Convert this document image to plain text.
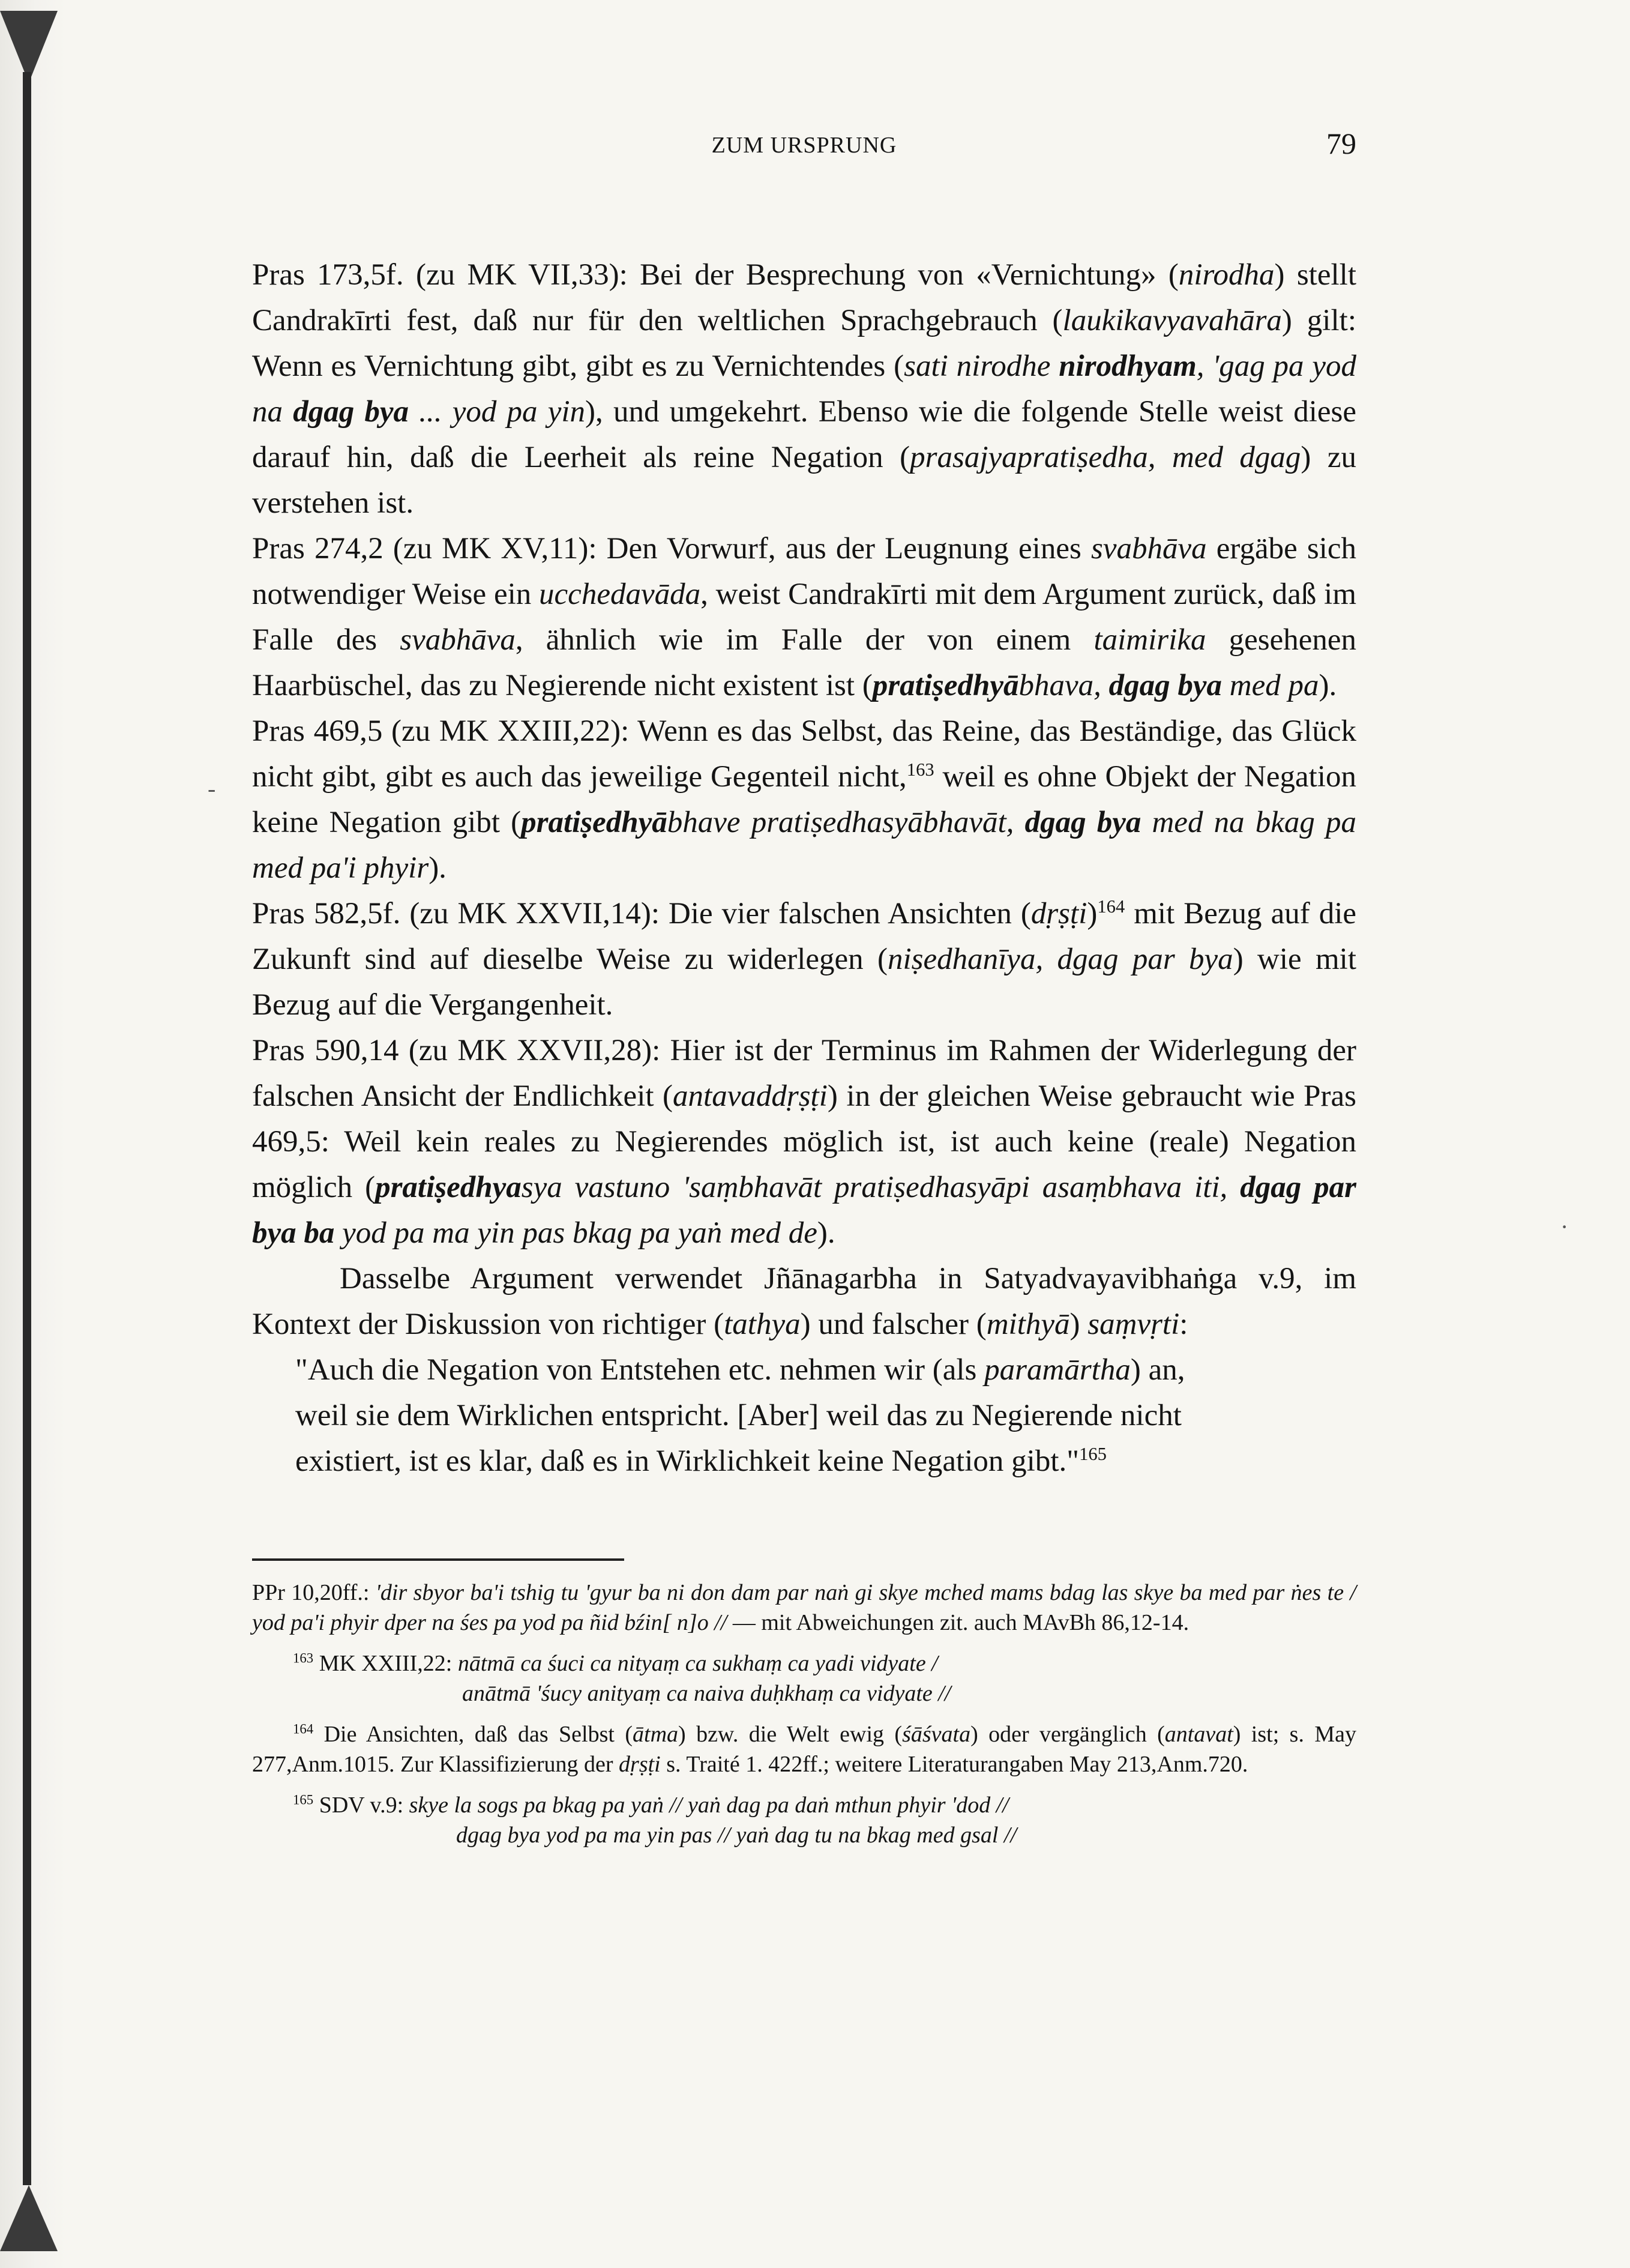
ZUM URSPRUNG	79

Pras 173,5f. (zu MK VII,33): Bei der Besprechung von «Vernichtung» (nirodha) stellt Candrakīrti fest, daß nur für den weltlichen Sprachgebrauch (laukikavyavahāra) gilt: Wenn es Vernichtung gibt, gibt es zu Vernichtendes (sati nirodhe nirodhyam, 'gag pa yod na dgag bya ... yod pa yin), und umgekehrt. Ebenso wie die folgende Stelle weist diese darauf hin, daß die Leerheit als reine Negation (prasajyapratiṣedha, med dgag) zu verstehen ist.

Pras 274,2 (zu MK XV,11): Den Vorwurf, aus der Leugnung eines svabhāva ergäbe sich notwendiger Weise ein ucchedavāda, weist Candrakīrti mit dem Argument zurück, daß im Falle des svabhāva, ähnlich wie im Falle der von einem taimirika gesehenen Haarbüschel, das zu Negierende nicht existent ist (pratiṣedhyābhava, dgag bya med pa).

Pras 469,5 (zu MK XXIII,22): Wenn es das Selbst, das Reine, das Beständige, das Glück nicht gibt, gibt es auch das jeweilige Gegenteil nicht,$^{163}$ weil es ohne Objekt der Negation keine Negation gibt (pratiṣedhyābhave pratiṣedhasyābhavāt, dgag bya med na bkag pa med pa'i phyir).

Pras 582,5f. (zu MK XXVII,14): Die vier falschen Ansichten (dṛṣṭi)$^{164}$ mit Bezug auf die Zukunft sind auf dieselbe Weise zu widerlegen (niṣedhanīya, dgag par bya) wie mit Bezug auf die Vergangenheit.

Pras 590,14 (zu MK XXVII,28): Hier ist der Terminus im Rahmen der Widerlegung der falschen Ansicht der Endlichkeit (antavaddṛṣṭi) in der gleichen Weise gebraucht wie Pras 469,5: Weil kein reales zu Negierendes möglich ist, ist auch keine (reale) Negation möglich (pratiṣedhyasya vastuno 'saṃbhavāt pratiṣedhasyāpi asaṃbhava iti, dgag par bya ba yod pa ma yin pas bkag pa yaṅ med de).

Dasselbe Argument verwendet Jñānagarbha in Satyadvayavibhaṅga v.9, im Kontext der Diskussion von richtiger (tathya) und falscher (mithyā) saṃvṛti:

"Auch die Negation von Entstehen etc. nehmen wir (als paramārtha) an, weil sie dem Wirklichen entspricht. [Aber] weil das zu Negierende nicht existiert, ist es klar, daß es in Wirklichkeit keine Negation gibt."$^{165}$

PPr 10,20ff.: 'dir sbyor ba'i tshig tu 'gyur ba ni don dam par naṅ gi skye mched mams bdag las skye ba med par ṅes te / yod pa'i phyir dper na śes pa yod pa ñid bźin[ n]o // — mit Abweichungen zit. auch MAvBh 86,12-14.

$^{163}$ MK XXIII,22: nātmā ca śuci ca nityaṃ ca sukhaṃ ca yadi vidyate /
anātmā 'śucy anityaṃ ca naiva duḥkhaṃ ca vidyate //

$^{164}$ Die Ansichten, daß das Selbst (ātma) bzw. die Welt ewig (śāśvata) oder vergänglich (antavat) ist; s. May 277,Anm.1015. Zur Klassifizierung der dṛṣṭi s. Traité 1. 422ff.; weitere Literaturangaben May 213,Anm.720.

$^{165}$ SDV v.9: skye la sogs pa bkag pa yaṅ // yaṅ dag pa daṅ mthun phyir 'dod //
dgag bya yod pa ma yin pas // yaṅ dag tu na bkag med gsal //

-
·
